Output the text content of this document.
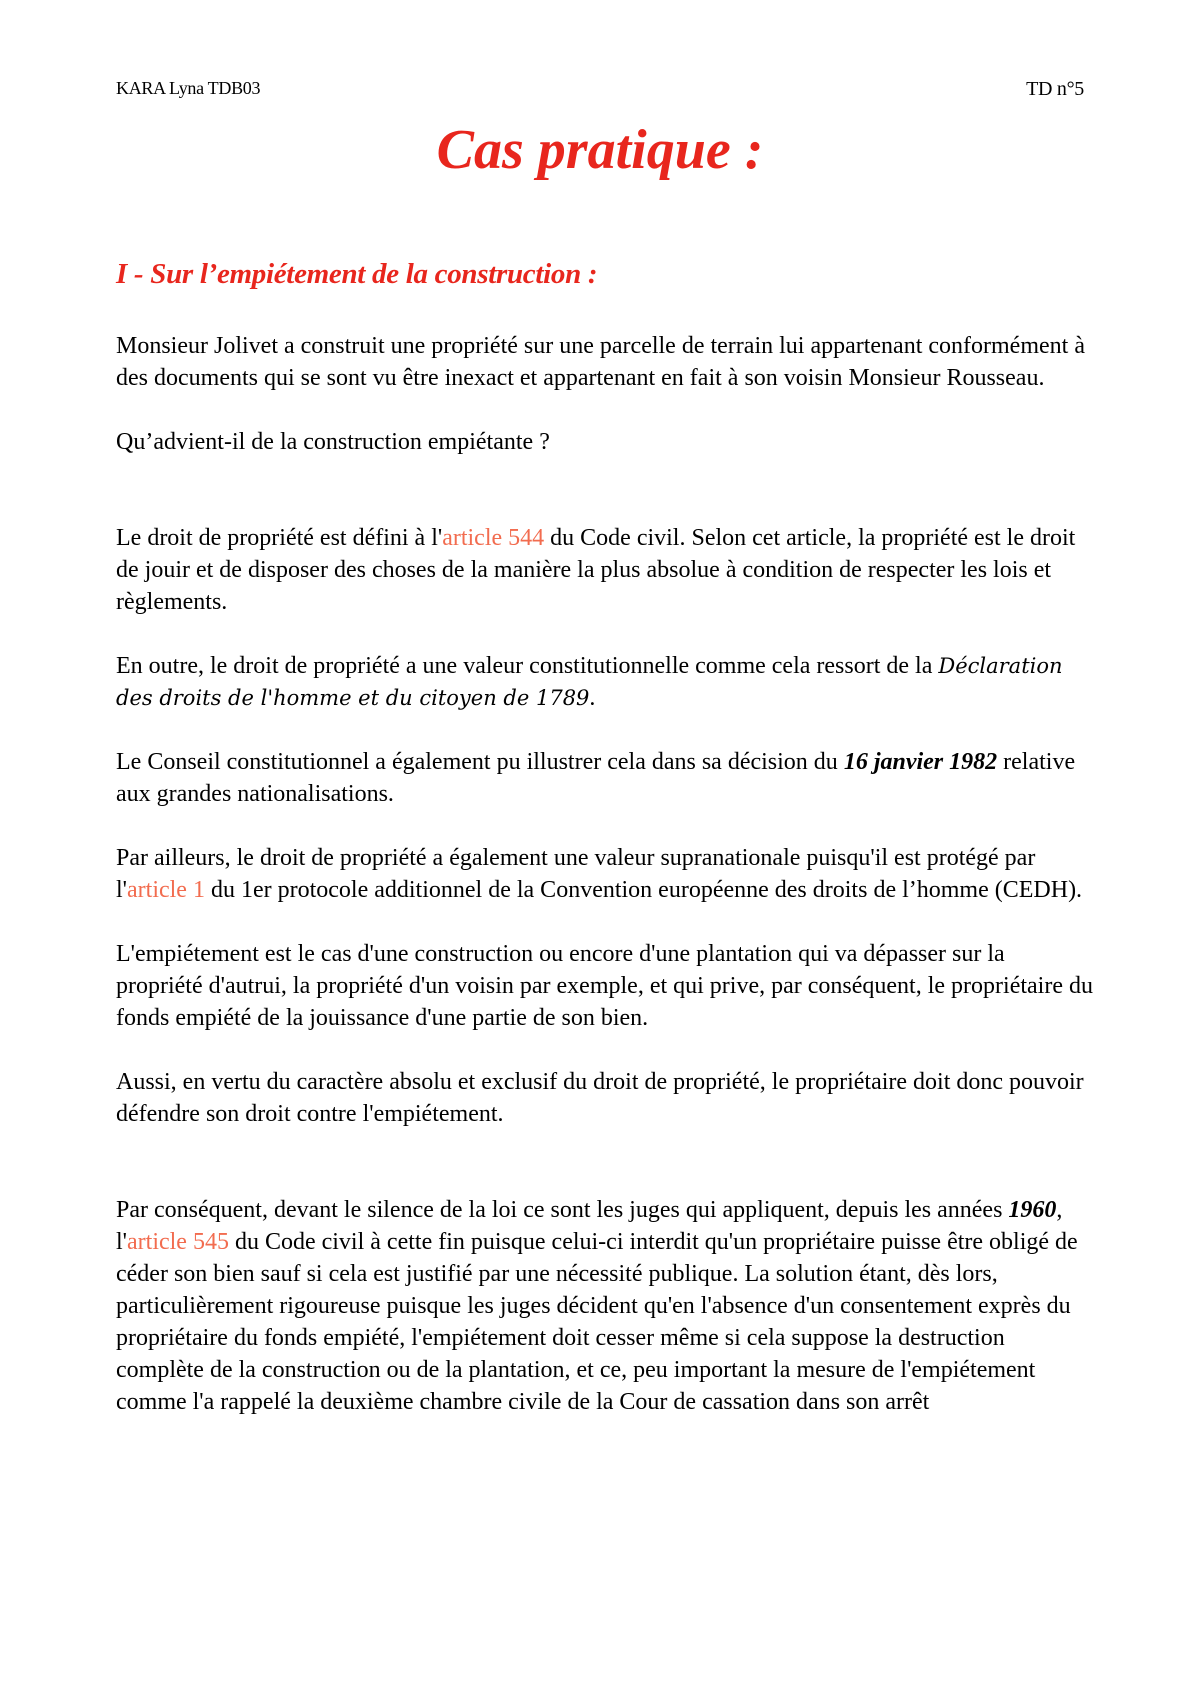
KARA Lyna TDB03	TD n°5
Cas pratique :
I - Sur l’empiétement de la construction :

Monsieur Jolivet a construit une propriété sur une parcelle de terrain lui appartenant conformément à des documents qui se sont vu être inexact et appartenant en fait à son voisin Monsieur Rousseau.

Qu’advient-il de la construction empiétante ?

Le droit de propriété est défini à l'article 544 du Code civil. Selon cet article, la propriété est le droit de jouir et de disposer des choses de la manière la plus absolue à condition de respecter les lois et règlements.

En outre, le droit de propriété a une valeur constitutionnelle comme cela ressort de la Déclaration des droits de l'homme et du citoyen de 1789.

Le Conseil constitutionnel a également pu illustrer cela dans sa décision du 16 janvier 1982 relative aux grandes nationalisations.

Par ailleurs, le droit de propriété a également une valeur supranationale puisqu'il est protégé par l'article 1 du 1er protocole additionnel de la Convention européenne des droits de l’homme (CEDH).

L'empiétement est le cas d'une construction ou encore d'une plantation qui va dépasser sur la propriété d'autrui, la propriété d'un voisin par exemple, et qui prive, par conséquent, le propriétaire du fonds empiété de la jouissance d'une partie de son bien.

Aussi, en vertu du caractère absolu et exclusif du droit de propriété, le propriétaire doit donc pouvoir défendre son droit contre l'empiétement.

Par conséquent, devant le silence de la loi ce sont les juges qui appliquent, depuis les années 1960, l'article 545 du Code civil à cette fin puisque celui-ci interdit qu'un propriétaire puisse être obligé de céder son bien sauf si cela est justifié par une nécessité publique. La solution étant, dès lors, particulièrement rigoureuse puisque les juges décident qu'en l'absence d'un consentement exprès du propriétaire du fonds empiété, l'empiétement doit cesser même si cela suppose la destruction complète de la construction ou de la plantation, et ce, peu important la mesure de l'empiétement comme l'a rappelé la deuxième chambre civile de la Cour de cassation dans son arrêt
